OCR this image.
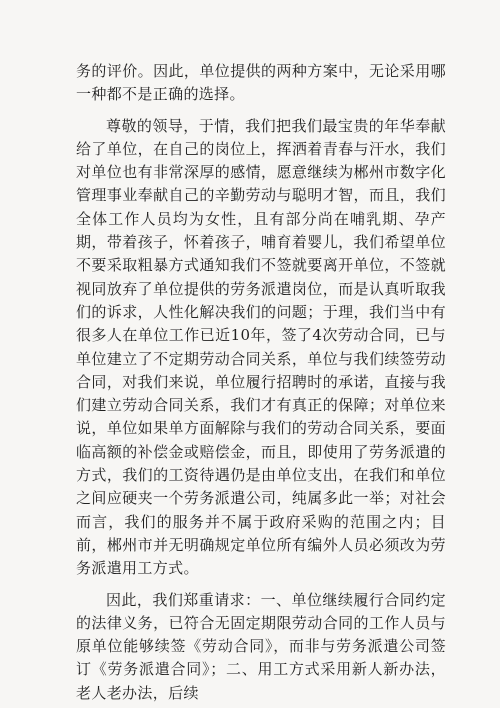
务的评价。因此，单位提供的两种方案中，无论采用哪一种都不是正确的选择。

尊敬的领导，于情，我们把我们最宝贵的年华奉献给了单位，在自己的岗位上，挥洒着青春与汗水，我们对单位也有非常深厚的感情，愿意继续为郴州市数字化管理事业奉献自己的辛勤劳动与聪明才智，而且，我们全体工作人员均为女性，且有部分尚在哺乳期、孕产期，带着孩子，怀着孩子，哺育着婴儿，我们希望单位不要采取粗暴方式通知我们不签就要离开单位，不签就视同放弃了单位提供的劳务派遣岗位，而是认真听取我们的诉求，人性化解决我们的问题；于理，我们当中有很多人在单位工作已近10年，签了4次劳动合同，已与单位建立了不定期劳动合同关系，单位与我们续签劳动合同，对我们来说，单位履行招聘时的承诺，直接与我们建立劳动合同关系，我们才有真正的保障；对单位来说，单位如果单方面解除与我们的劳动合同关系，要面临高额的补偿金或赔偿金，而且，即使用了劳务派遣的方式，我们的工资待遇仍是由单位支出，在我们和单位之间应硬夹一个劳务派遣公司，纯属多此一举；对社会而言，我们的服务并不属于政府采购的范围之内；目前，郴州市并无明确规定单位所有编外人员必须改为劳务派遣用工方式。

因此，我们郑重请求：一、单位继续履行合同约定的法律义务，已符合无固定期限劳动合同的工作人员与原单位能够续签《劳动合同》，而非与劳务派遣公司签订《劳务派遣合同》；二、用工方式采用新人新办法，老人老办法，后续
